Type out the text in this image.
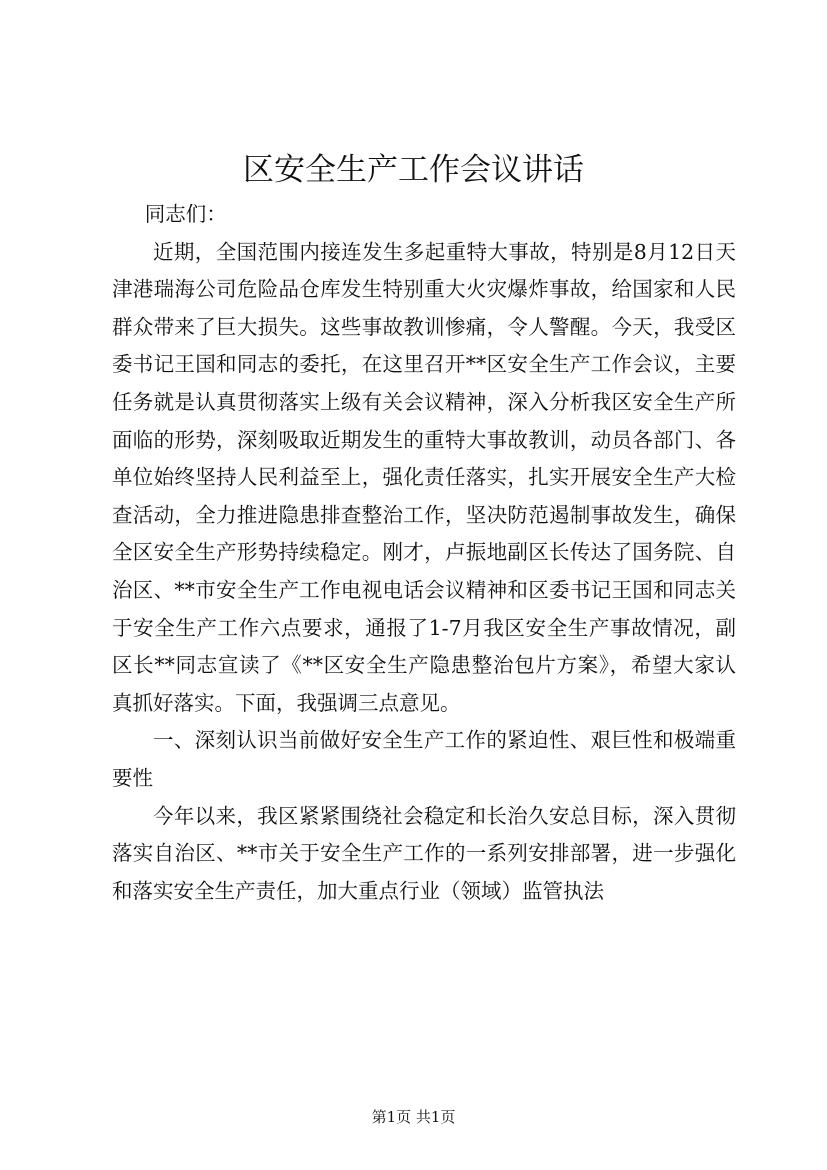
区安全生产工作会议讲话

同志们：

近期，全国范围内接连发生多起重特大事故，特别是8月12日天津港瑞海公司危险品仓库发生特别重大火灾爆炸事故，给国家和人民群众带来了巨大损失。这些事故教训惨痛，令人警醒。今天，我受区委书记王国和同志的委托，在这里召开**区安全生产工作会议，主要任务就是认真贯彻落实上级有关会议精神，深入分析我区安全生产所面临的形势，深刻吸取近期发生的重特大事故教训，动员各部门、各单位始终坚持人民利益至上，强化责任落实，扎实开展安全生产大检查活动，全力推进隐患排查整治工作，坚决防范遏制事故发生，确保全区安全生产形势持续稳定。刚才，卢振地副区长传达了国务院、自治区、**市安全生产工作电视电话会议精神和区委书记王国和同志关于安全生产工作六点要求，通报了1-7月我区安全生产事故情况，副区长**同志宣读了《**区安全生产隐患整治包片方案》，希望大家认真抓好落实。下面，我强调三点意见。

一、深刻认识当前做好安全生产工作的紧迫性、艰巨性和极端重要性

今年以来，我区紧紧围绕社会稳定和长治久安总目标，深入贯彻落实自治区、**市关于安全生产工作的一系列安排部署，进一步强化和落实安全生产责任，加大重点行业（领域）监管执法

第1页 共1页
